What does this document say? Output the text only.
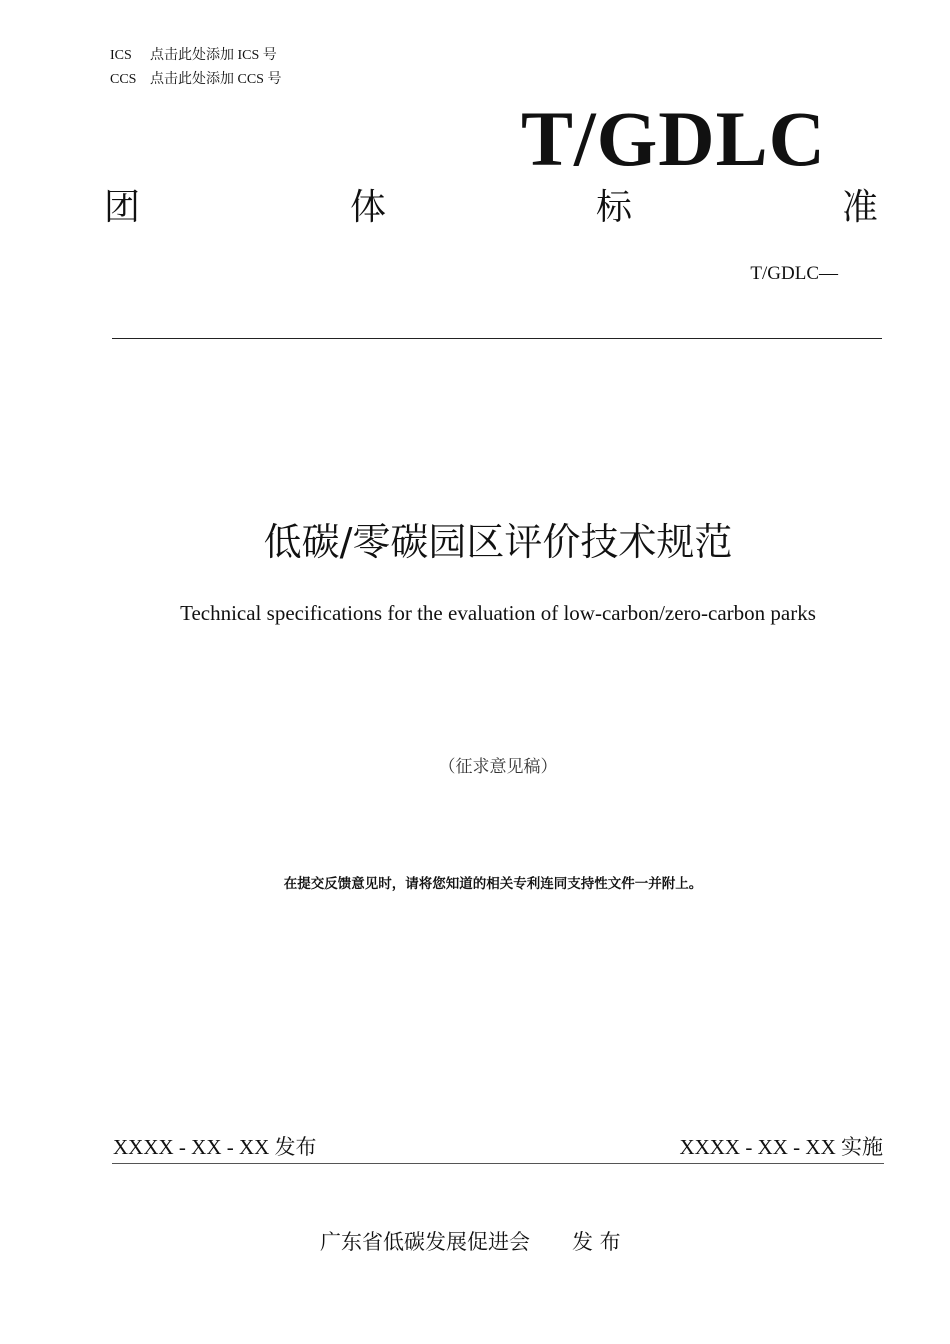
ICS 点击此处添加 ICS 号
CCS 点击此处添加 CCS 号
T/GDLC
团	体	标	准
T/GDLC—
低碳/零碳园区评价技术规范
Technical specifications for the evaluation of low-carbon/zero-carbon parks
（征求意见稿）
在提交反馈意见时，请将您知道的相关专利连同支持性文件一并附上。
XXXX - XX - XX 发布	XXXX - XX - XX 实施
广东省低碳发展促进会 发 布
